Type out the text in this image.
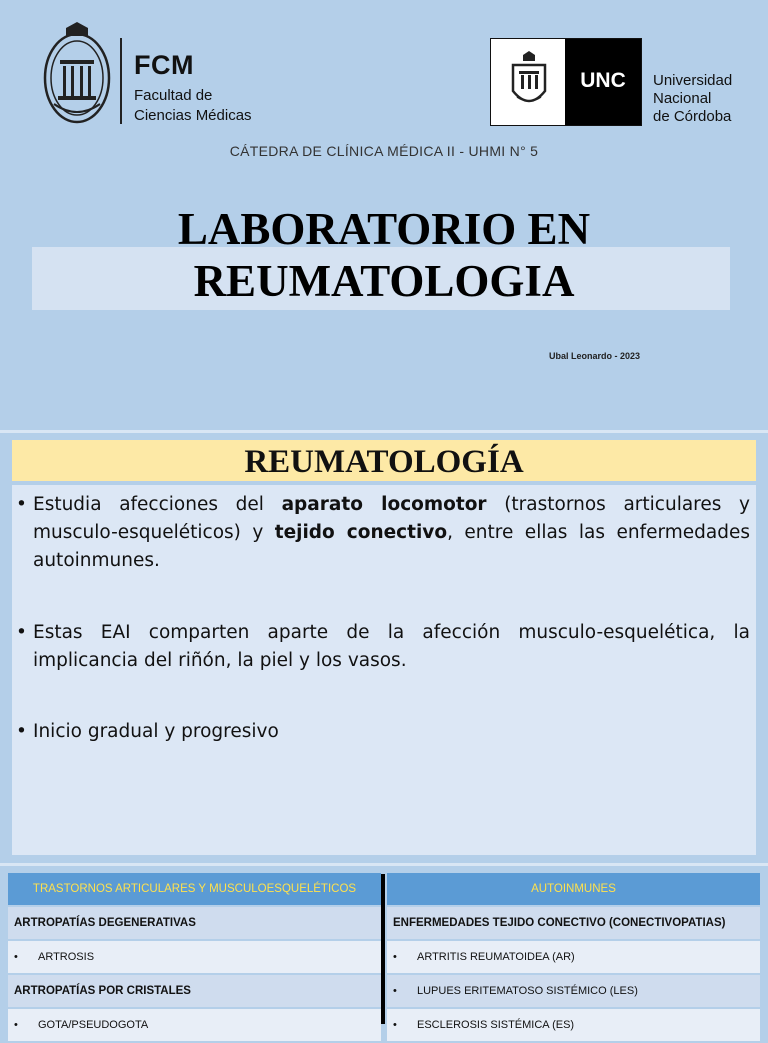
FCM
Facultad de
Ciencias Médicas
UNC	Universidad
Nacional
de Córdoba
CÁTEDRA DE CLÍNICA MÉDICA II - UHMI N° 5
LABORATORIO EN
REUMATOLOGIA
Ubal Leonardo - 2023
REUMATOLOGÍA
• Estudia afecciones del aparato locomotor (trastornos articulares y musculo-esqueléticos) y tejido conectivo, entre ellas las enfermedades autoinmunes.
• Estas EAI comparten aparte de la afección musculo-esquelética, la implicancia del riñón, la piel y los vasos.
• Inicio gradual y progresivo
TRASTORNOS ARTICULARES Y MUSCULOESQUELÉTICOS	AUTOINMUNES
ARTROPATÍAS DEGENERATIVAS	ENFERMEDADES TEJIDO CONECTIVO (CONECTIVOPATIAS)
•	ARTROSIS	•	ARTRITIS REUMATOIDEA (AR)
ARTROPATÍAS POR CRISTALES	•	LUPUES ERITEMATOSO SISTÉMICO (LES)
•	GOTA/PSEUDOGOTA	•	ESCLEROSIS SISTÉMICA (ES)
